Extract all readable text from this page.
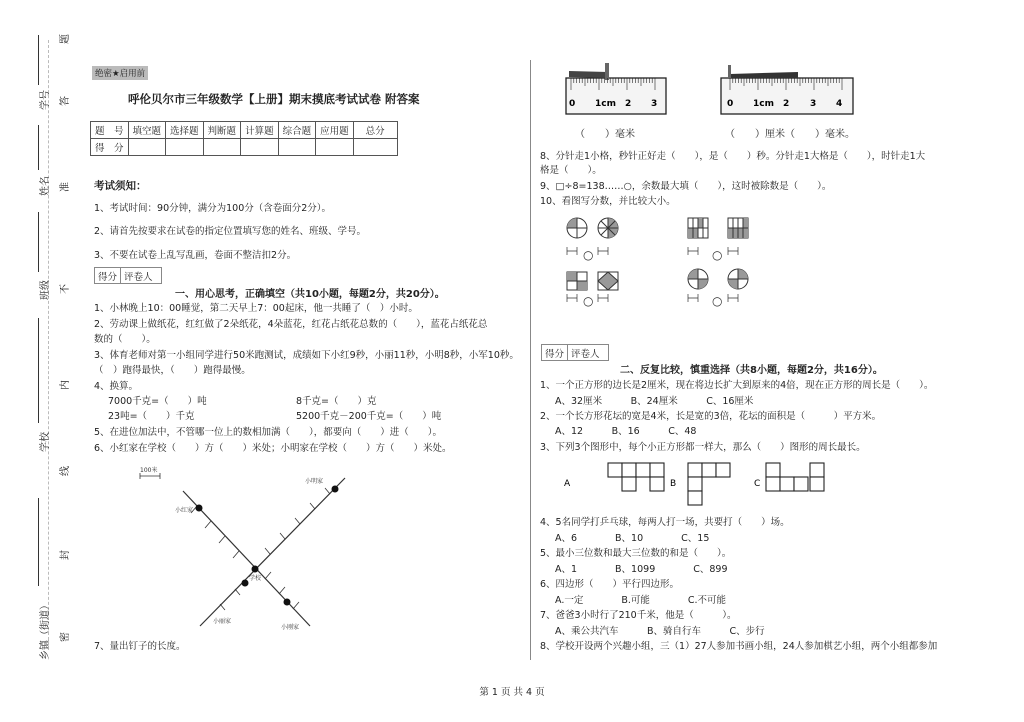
题
学号 答
姓名 准
班级 不
内
学校
线
封
乡镇（街道） 密
绝密★启用前
呼伦贝尔市三年级数学【上册】期末摸底考试试卷 附答案
题　号	填空题	选择题	判断题	计算题	综合题	应用题	总分
得　分							
考试须知：
1、考试时间：90分钟，满分为100分（含卷面分2分）。
2、请首先按要求在试卷的指定位置填写您的姓名、班级、学号。
3、不要在试卷上乱写乱画，卷面不整洁扣2分。
得分 评卷人
一、用心思考，正确填空（共10小题，每题2分，共20分）。
1、小林晚上10：00睡觉，第二天早上7：00起床，他一共睡了（　）小时。
2、劳动课上做纸花，红红做了2朵纸花，4朵蓝花，红花占纸花总数的（　　），蓝花占纸花总
数的（　　）。
3、体育老师对第一小组同学进行50米跑测试，成绩如下小红9秒，小丽11秒，小明8秒，小军10秒。
（　）跑得最快，（　　）跑得最慢。
4、换算。
7000千克=（　　）吨	8千克=（　　）克
23吨=（　　）千克	5200千克－200千克=（　　）吨
5、在进位加法中，不管哪一位上的数相加满（　　），都要向（　　）进（　　）。
6、小红家在学校（　　）方（　　）米处；小明家在学校（　　）方（　　）米处。
100米
小明家
小红家
学校
小丽家
小刚家
7、量出钉子的长度。
0 1cm 2 3	0 1cm 2 3 4
（　　）毫米	（　　）厘米（　　）毫米。
8、分针走1小格，秒针正好走（　　），是（　　）秒。分针走1大格是（　　），时针走1大
格是（　　）。
9、□÷8=138……○，余数最大填（　　），这时被除数是（　　）。
10、看图写分数，并比较大小。
○
○
○
○
得分 评卷人
二、反复比较，慎重选择（共8小题，每题2分，共16分）。
1、一个正方形的边长是2厘米，现在将边长扩大到原来的4倍，现在正方形的周长是（　　）。
A、32厘米　　　B、24厘米　　　C、16厘米
2、一个长方形花坛的宽是4米，长是宽的3倍，花坛的面积是（　　　）平方米。
A、12　　　B、16　　　C、48
3、下列3个图形中，每个小正方形都一样大，那么（　　）图形的周长最长。
A	B	C
4、5名同学打乒乓球，每两人打一场，共要打（　　）场。
A、6　　　　B、10　　　　C、15
5、最小三位数和最大三位数的和是（　　）。
A、1　　　　B、1099　　　　C、899
6、四边形（　　）平行四边形。
A.一定　　　　B.可能　　　　C.不可能
7、爸爸3小时行了210千米，他是（　　　）。
A、乘公共汽车　　　B、骑自行车　　　C、步行
8、学校开设两个兴趣小组，三（1）27人参加书画小组，24人参加棋艺小组，两个小组都参加
第 1 页 共 4 页
